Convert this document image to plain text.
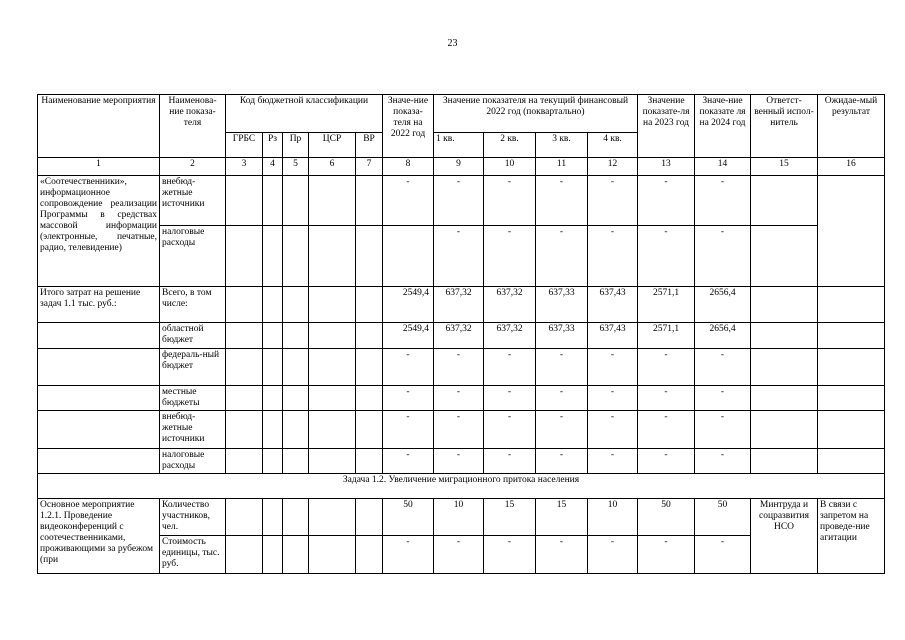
23
Наименование мероприятия	Наименова-ние показа-теля	Код бюджетной классификации					Значе-ние показа-теля на 2022 год	Значение показателя на текущий финансовый 2022 год (поквартально)				Значение показате-ля на 2023 год	Значе-ние показате ля на 2024 год	Ответст-венный испол-нитель	Ожидае-мый результат
		ГРБС	Рз	Пр	ЦСР	ВР		1 кв.	2 кв.	3 кв.	4 кв.				
1	2	3	4	5	6	7	8	9	10	11	12	13	14	15	16
«Соотечественники», информационное сопровождение реализации Программы в средствах массовой информации (электронные, печатные, радио, телевидение)	внебюд-жетные источники						-	-	-	-	-	-	-		
	налоговые расходы							-	-	-	-	-	-		
Итого затрат на решение задач 1.1 тыс. руб.:	Всего, в том числе:						2549,4	637,32	637,32	637,33	637,43	2571,1	2656,4		
	областной бюджет						2549,4	637,32	637,32	637,33	637,43	2571,1	2656,4		
	федераль-ный бюджет						-	-	-	-	-	-	-		
	местные бюджеты						-	-	-	-	-	-	-		
	внебюд-жетные источники						-	-	-	-	-	-	-		
	налоговые расходы						-	-	-	-	-	-	-		
Задача 1.2. Увеличение миграционного притока населения															
Основное мероприятие 1.2.1. Проведение видеоконференций с соотечественниками, проживающими за рубежом (при	Количество участников, чел.						50	10	15	15	10	50	50	Минтруда и соцразвития НСО	В связи с запретом на проведе-ние агитации
	Стоимость единицы, тыс. руб.						-	-	-	-	-	-	-		
